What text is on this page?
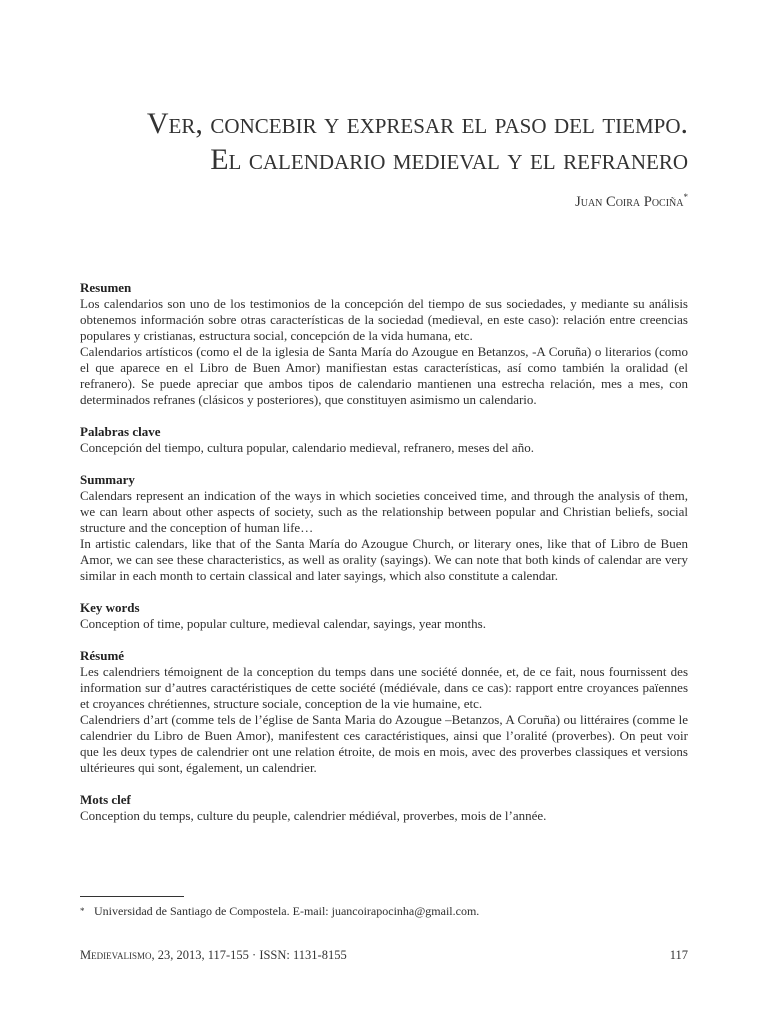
Ver, concebir y expresar el paso del tiempo.
El calendario medieval y el refranero
Juan Coira Pociña*
Resumen

Los calendarios son uno de los testimonios de la concepción del tiempo de sus sociedades, y mediante su análisis obtenemos información sobre otras características de la sociedad (medieval, en este caso): relación entre creencias populares y cristianas, estructura social, concepción de la vida humana, etc.

Calendarios artísticos (como el de la iglesia de Santa María do Azougue en Betanzos, -A Coruña) o literarios (como el que aparece en el Libro de Buen Amor) manifiestan estas características, así como también la oralidad (el refranero). Se puede apreciar que ambos tipos de calendario mantienen una estrecha relación, mes a mes, con determinados refranes (clásicos y posteriores), que constituyen asimismo un calendario.

Palabras clave

Concepción del tiempo, cultura popular, calendario medieval, refranero, meses del año.

Summary

Calendars represent an indication of the ways in which societies conceived time, and through the analysis of them, we can learn about other aspects of society, such as the relationship between popular and Christian beliefs, social structure and the conception of human life…

In artistic calendars, like that of the Santa María do Azougue Church, or literary ones, like that of Libro de Buen Amor, we can see these characteristics, as well as orality (sayings). We can note that both kinds of calendar are very similar in each month to certain classical and later sayings, which also constitute a calendar.

Key words

Conception of time, popular culture, medieval calendar, sayings, year months.

Résumé

Les calendriers témoignent de la conception du temps dans une société donnée, et, de ce fait, nous fournissent des information sur d’autres caractéristiques de cette société (médiévale, dans ce cas): rapport entre croyances païennes et croyances chrétiennes, structure sociale, conception de la vie humaine, etc.

Calendriers d’art (comme tels de l’église de Santa Maria do Azougue –Betanzos, A Coruña) ou littéraires (comme le calendrier du Libro de Buen Amor), manifestent ces caractéristiques, ainsi que l’oralité (proverbes). On peut voir que les deux types de calendrier ont une relation étroite, de mois en mois, avec des proverbes classiques et versions ultérieures qui sont, également, un calendrier.

Mots clef

Conception du temps, culture du peuple, calendrier médiéval, proverbes, mois de l’année.

* Universidad de Santiago de Compostela. E-mail: juancoirapocinha@gmail.com.
Medievalismo, 23, 2013, 117-155 · ISSN: 1131-8155	117
